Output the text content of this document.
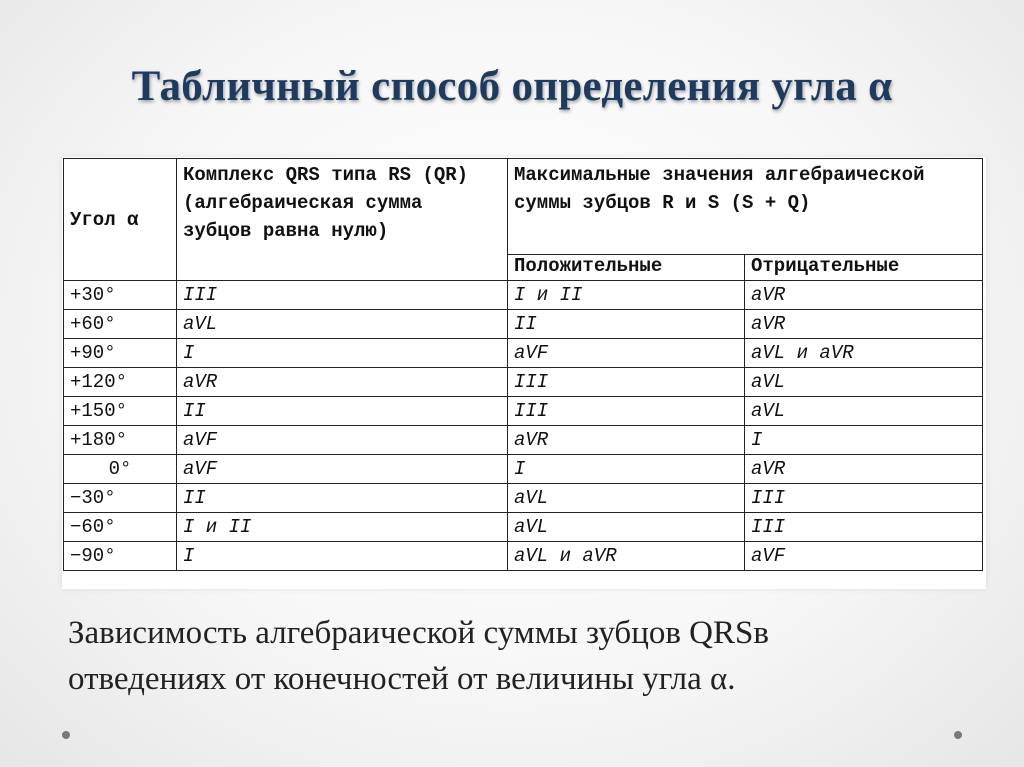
Табличный способ определения угла α
Угол α	Комплекс QRS типа RS (QR) (алгебраическая сумма зубцов равна нулю)	Максимальные значения алгебраической суммы зубцов R и S (S + Q)	
		Положительные	Отрицательные
+30°	III	I и II	aVR
+60°	aVL	II	aVR
+90°	I	aVF	aVL и aVR
+120°	aVR	III	aVL
+150°	II	III	aVL
+180°	aVF	aVR	I
0°	aVF	I	aVR
−30°	II	aVL	III
−60°	I и II	aVL	III
−90°	I	aVL и aVR	aVF
Зависимость алгебраической суммы зубцов QRSв
отведениях от конечностей от величины угла α.
